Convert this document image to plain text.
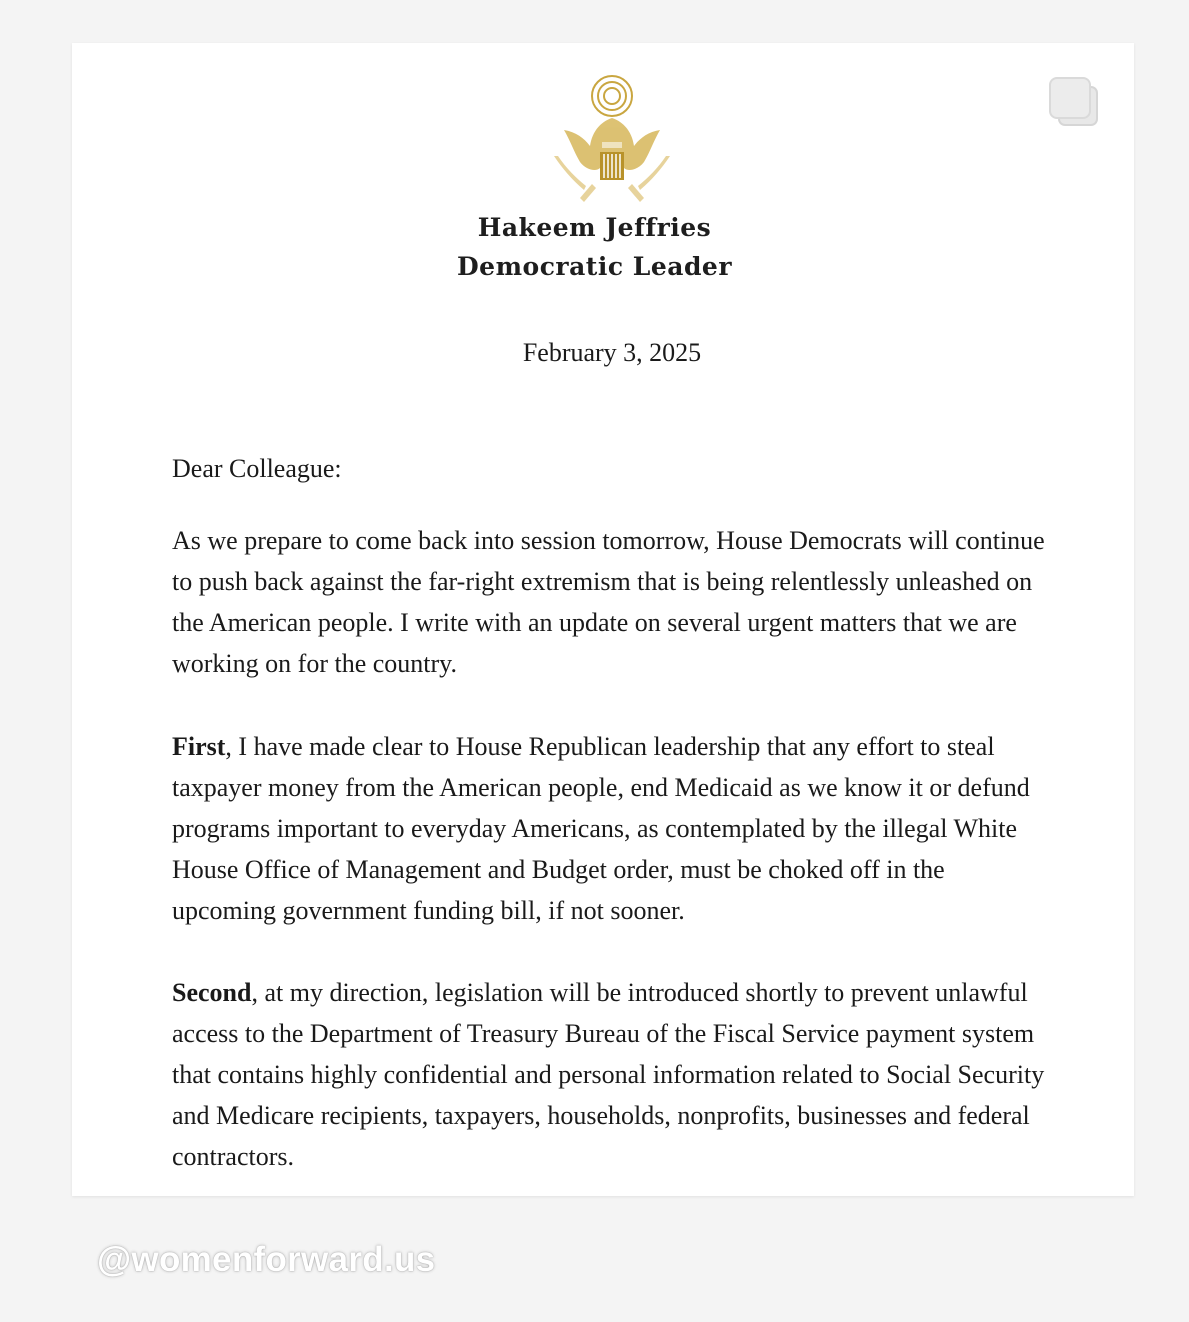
Hakeem Jeffries
Democratic Leader
February 3, 2025

Dear Colleague:

As we prepare to come back into session tomorrow, House Democrats will continue to push back against the far-right extremism that is being relentlessly unleashed on the American people. I write with an update on several urgent matters that we are working on for the country.

First, I have made clear to House Republican leadership that any effort to steal taxpayer money from the American people, end Medicaid as we know it or defund programs important to everyday Americans, as contemplated by the illegal White House Office of Management and Budget order, must be choked off in the upcoming government funding bill, if not sooner.

Second, at my direction, legislation will be introduced shortly to prevent unlawful access to the Department of Treasury Bureau of the Fiscal Service payment system that contains highly confidential and personal information related to Social Security and Medicare recipients, taxpayers, households, nonprofits, businesses and federal contractors.

@womenforward.us
